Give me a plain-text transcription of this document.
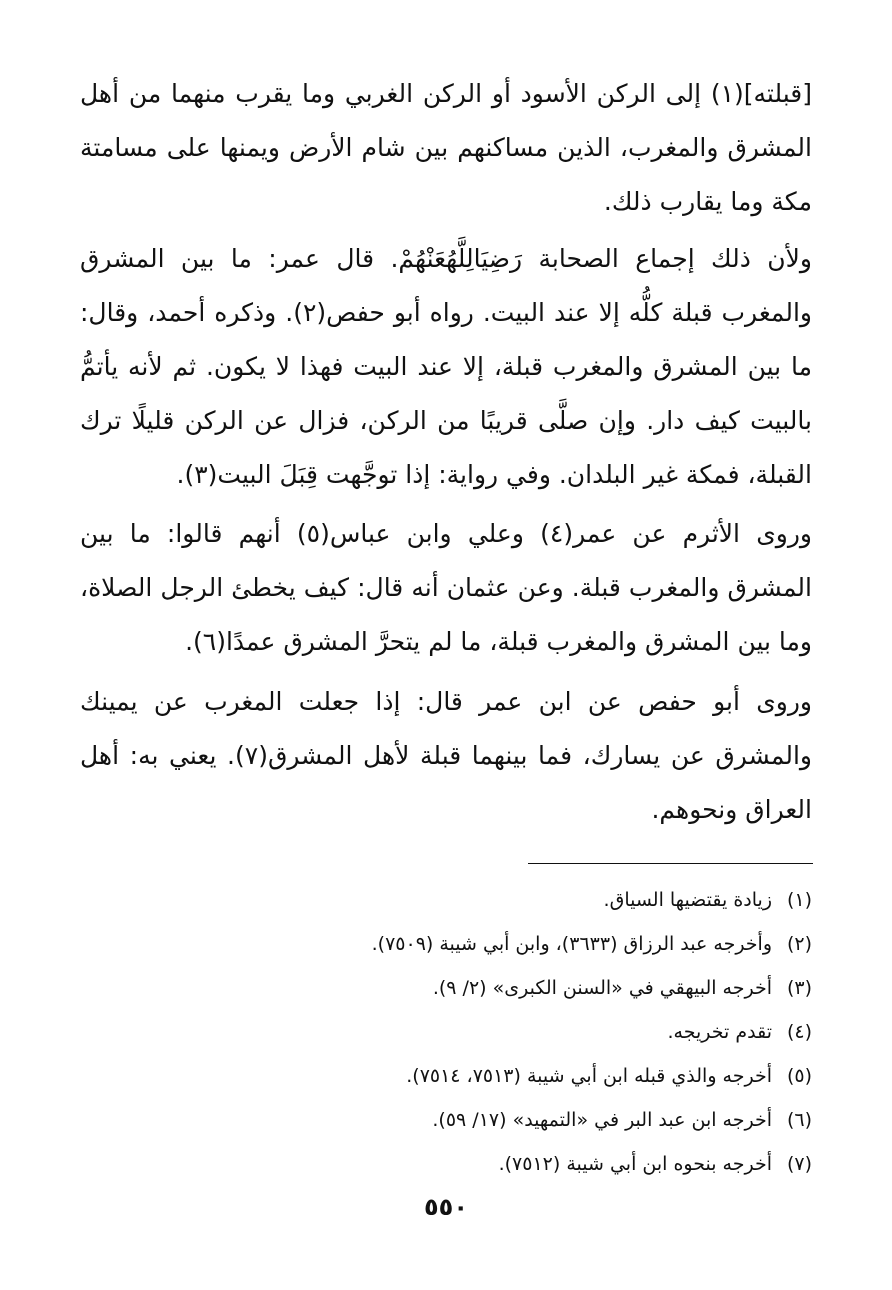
[قبلته](١) إلى الركن الأسود أو الركن الغربي وما يقرب منهما من أهل المشرق والمغرب، الذين مساكنهم بين شام الأرض ويمنها على مسامتة مكة وما يقارب ذلك.

ولأن ذلك إجماع الصحابة رَضِيَالِلَّهُعَنْهُمْ. قال عمر: ما بين المشرق والمغرب قبلة كلُّه إلا عند البيت. رواه أبو حفص(٢). وذكره أحمد، وقال: ما بين المشرق والمغرب قبلة، إلا عند البيت فهذا لا يكون. ثم لأنه يأتمُّ بالبيت كيف دار. وإن صلَّى قريبًا من الركن، فزال عن الركن قليلًا ترك القبلة، فمكة غير البلدان. وفي رواية: إذا توجَّهت قِبَلَ البيت(٣).

وروى الأثرم عن عمر(٤) وعلي وابن عباس(٥) أنهم قالوا: ما بين المشرق والمغرب قبلة. وعن عثمان أنه قال: كيف يخطئ الرجل الصلاة، وما بين المشرق والمغرب قبلة، ما لم يتحرَّ المشرق عمدًا(٦).

وروى أبو حفص عن ابن عمر قال: إذا جعلت المغرب عن يمينك والمشرق عن يسارك، فما بينهما قبلة لأهل المشرق(٧). يعني به: أهل العراق ونحوهم.

(١)زيادة يقتضيها السياق.
(٢)وأخرجه عبد الرزاق (٣٦٣٣)، وابن أبي شيبة (٧٥٠٩).
(٣)أخرجه البيهقي في «السنن الكبرى» (٢/ ٩).
(٤)تقدم تخريجه.
(٥)أخرجه والذي قبله ابن أبي شيبة (٧٥١٣، ٧٥١٤).
(٦)أخرجه ابن عبد البر في «التمهيد» (١٧/ ٥٩).
(٧)أخرجه بنحوه ابن أبي شيبة (٧٥١٢).
٥٥٠
